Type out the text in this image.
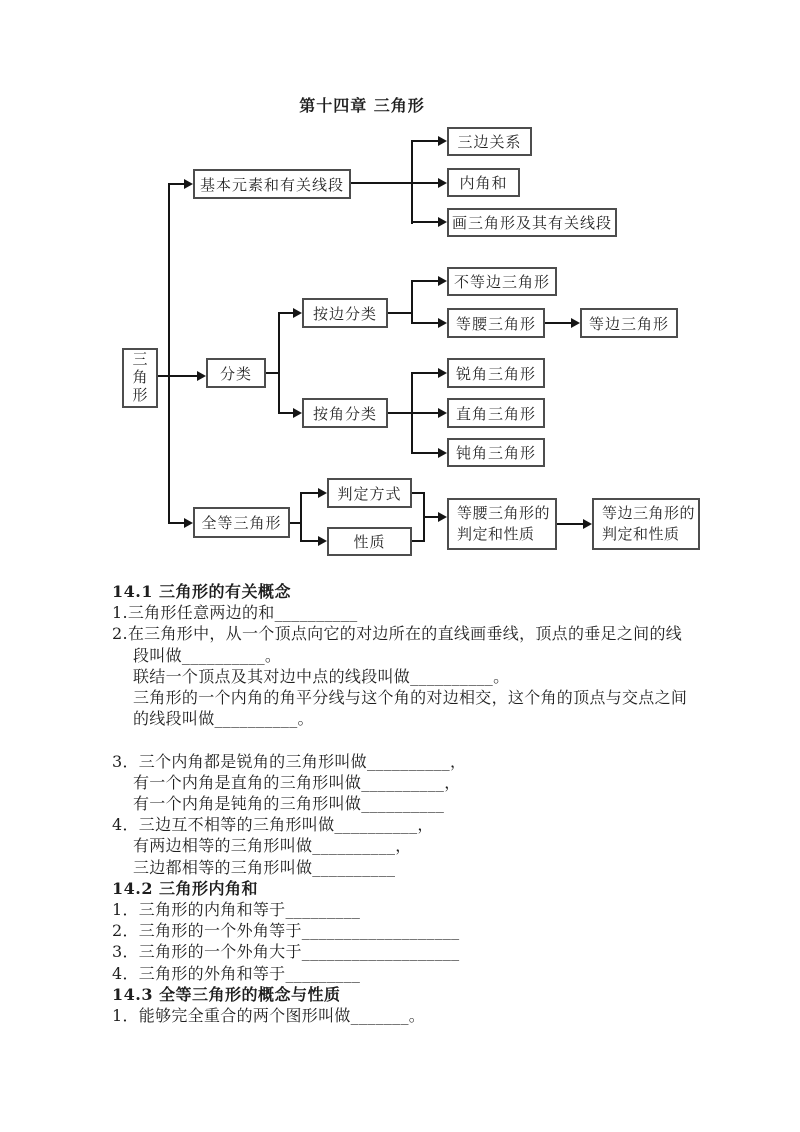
第十四章 三角形
三角形
基本元素和有关线段
三边关系
内角和
画三角形及其有关线段
分类
按边分类
按角分类
不等边三角形
等腰三角形	等边三角形
锐角三角形
直角三角形
钝角三角形
全等三角形
判定方式
性质
等腰三角形的
判定和性质
等边三角形的
判定和性质
14.1 三角形的有关概念
1.三角形任意两边的和__________
2.在三角形中，从一个顶点向它的对边所在的直线画垂线，顶点的垂足之间的线
段叫做__________。
联结一个顶点及其对边中点的线段叫做__________。
三角形的一个内角的角平分线与这个角的对边相交，这个角的顶点与交点之间
的线段叫做__________。
3．三个内角都是锐角的三角形叫做__________，
有一个内角是直角的三角形叫做__________，
有一个内角是钝角的三角形叫做__________
4．三边互不相等的三角形叫做__________，
有两边相等的三角形叫做__________，
三边都相等的三角形叫做__________
14.2 三角形内角和
1．三角形的内角和等于_________
2．三角形的一个外角等于___________________
3．三角形的一个外角大于___________________
4．三角形的外角和等于_________
14.3 全等三角形的概念与性质
1．能够完全重合的两个图形叫做_______。
